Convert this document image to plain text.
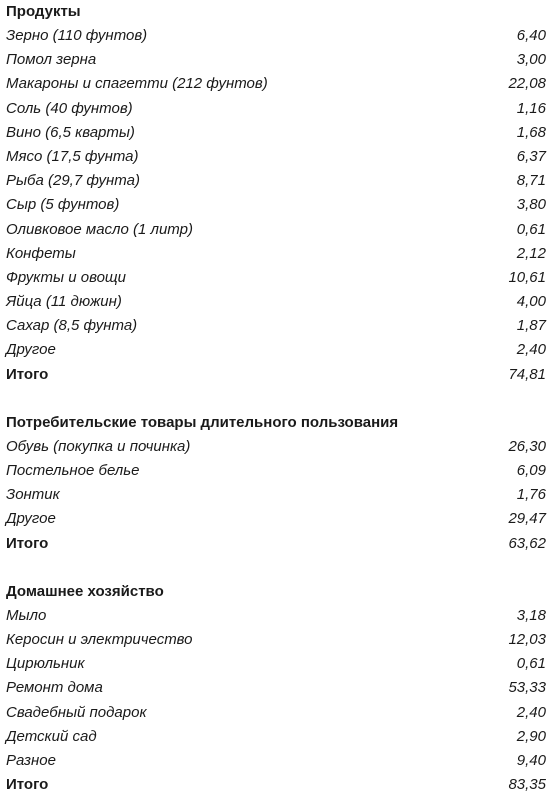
Продукты
Зерно (110 фунтов)	6,40
Помол зерна	3,00
Макароны и спагетти (212 фунтов)	22,08
Соль (40 фунтов)	1,16
Вино (6,5 кварты)	1,68
Мясо (17,5 фунта)	6,37
Рыба (29,7 фунта)	8,71
Сыр (5 фунтов)	3,80
Оливковое масло (1 литр)	0,61
Конфеты	2,12
Фрукты и овощи	10,61
Яйца (11 дюжин)	4,00
Сахар (8,5 фунта)	1,87
Другое	2,40
Итого	74,81
Потребительские товары длительного пользования
Обувь (покупка и починка)	26,30
Постельное белье	6,09
Зонтик	1,76
Другое	29,47
Итого	63,62
Домашнее хозяйство
Мыло	3,18
Керосин и электричество	12,03
Цирюльник	0,61
Ремонт дома	53,33
Свадебный подарок	2,40
Детский сад	2,90
Разное	9,40
Итого	83,35
